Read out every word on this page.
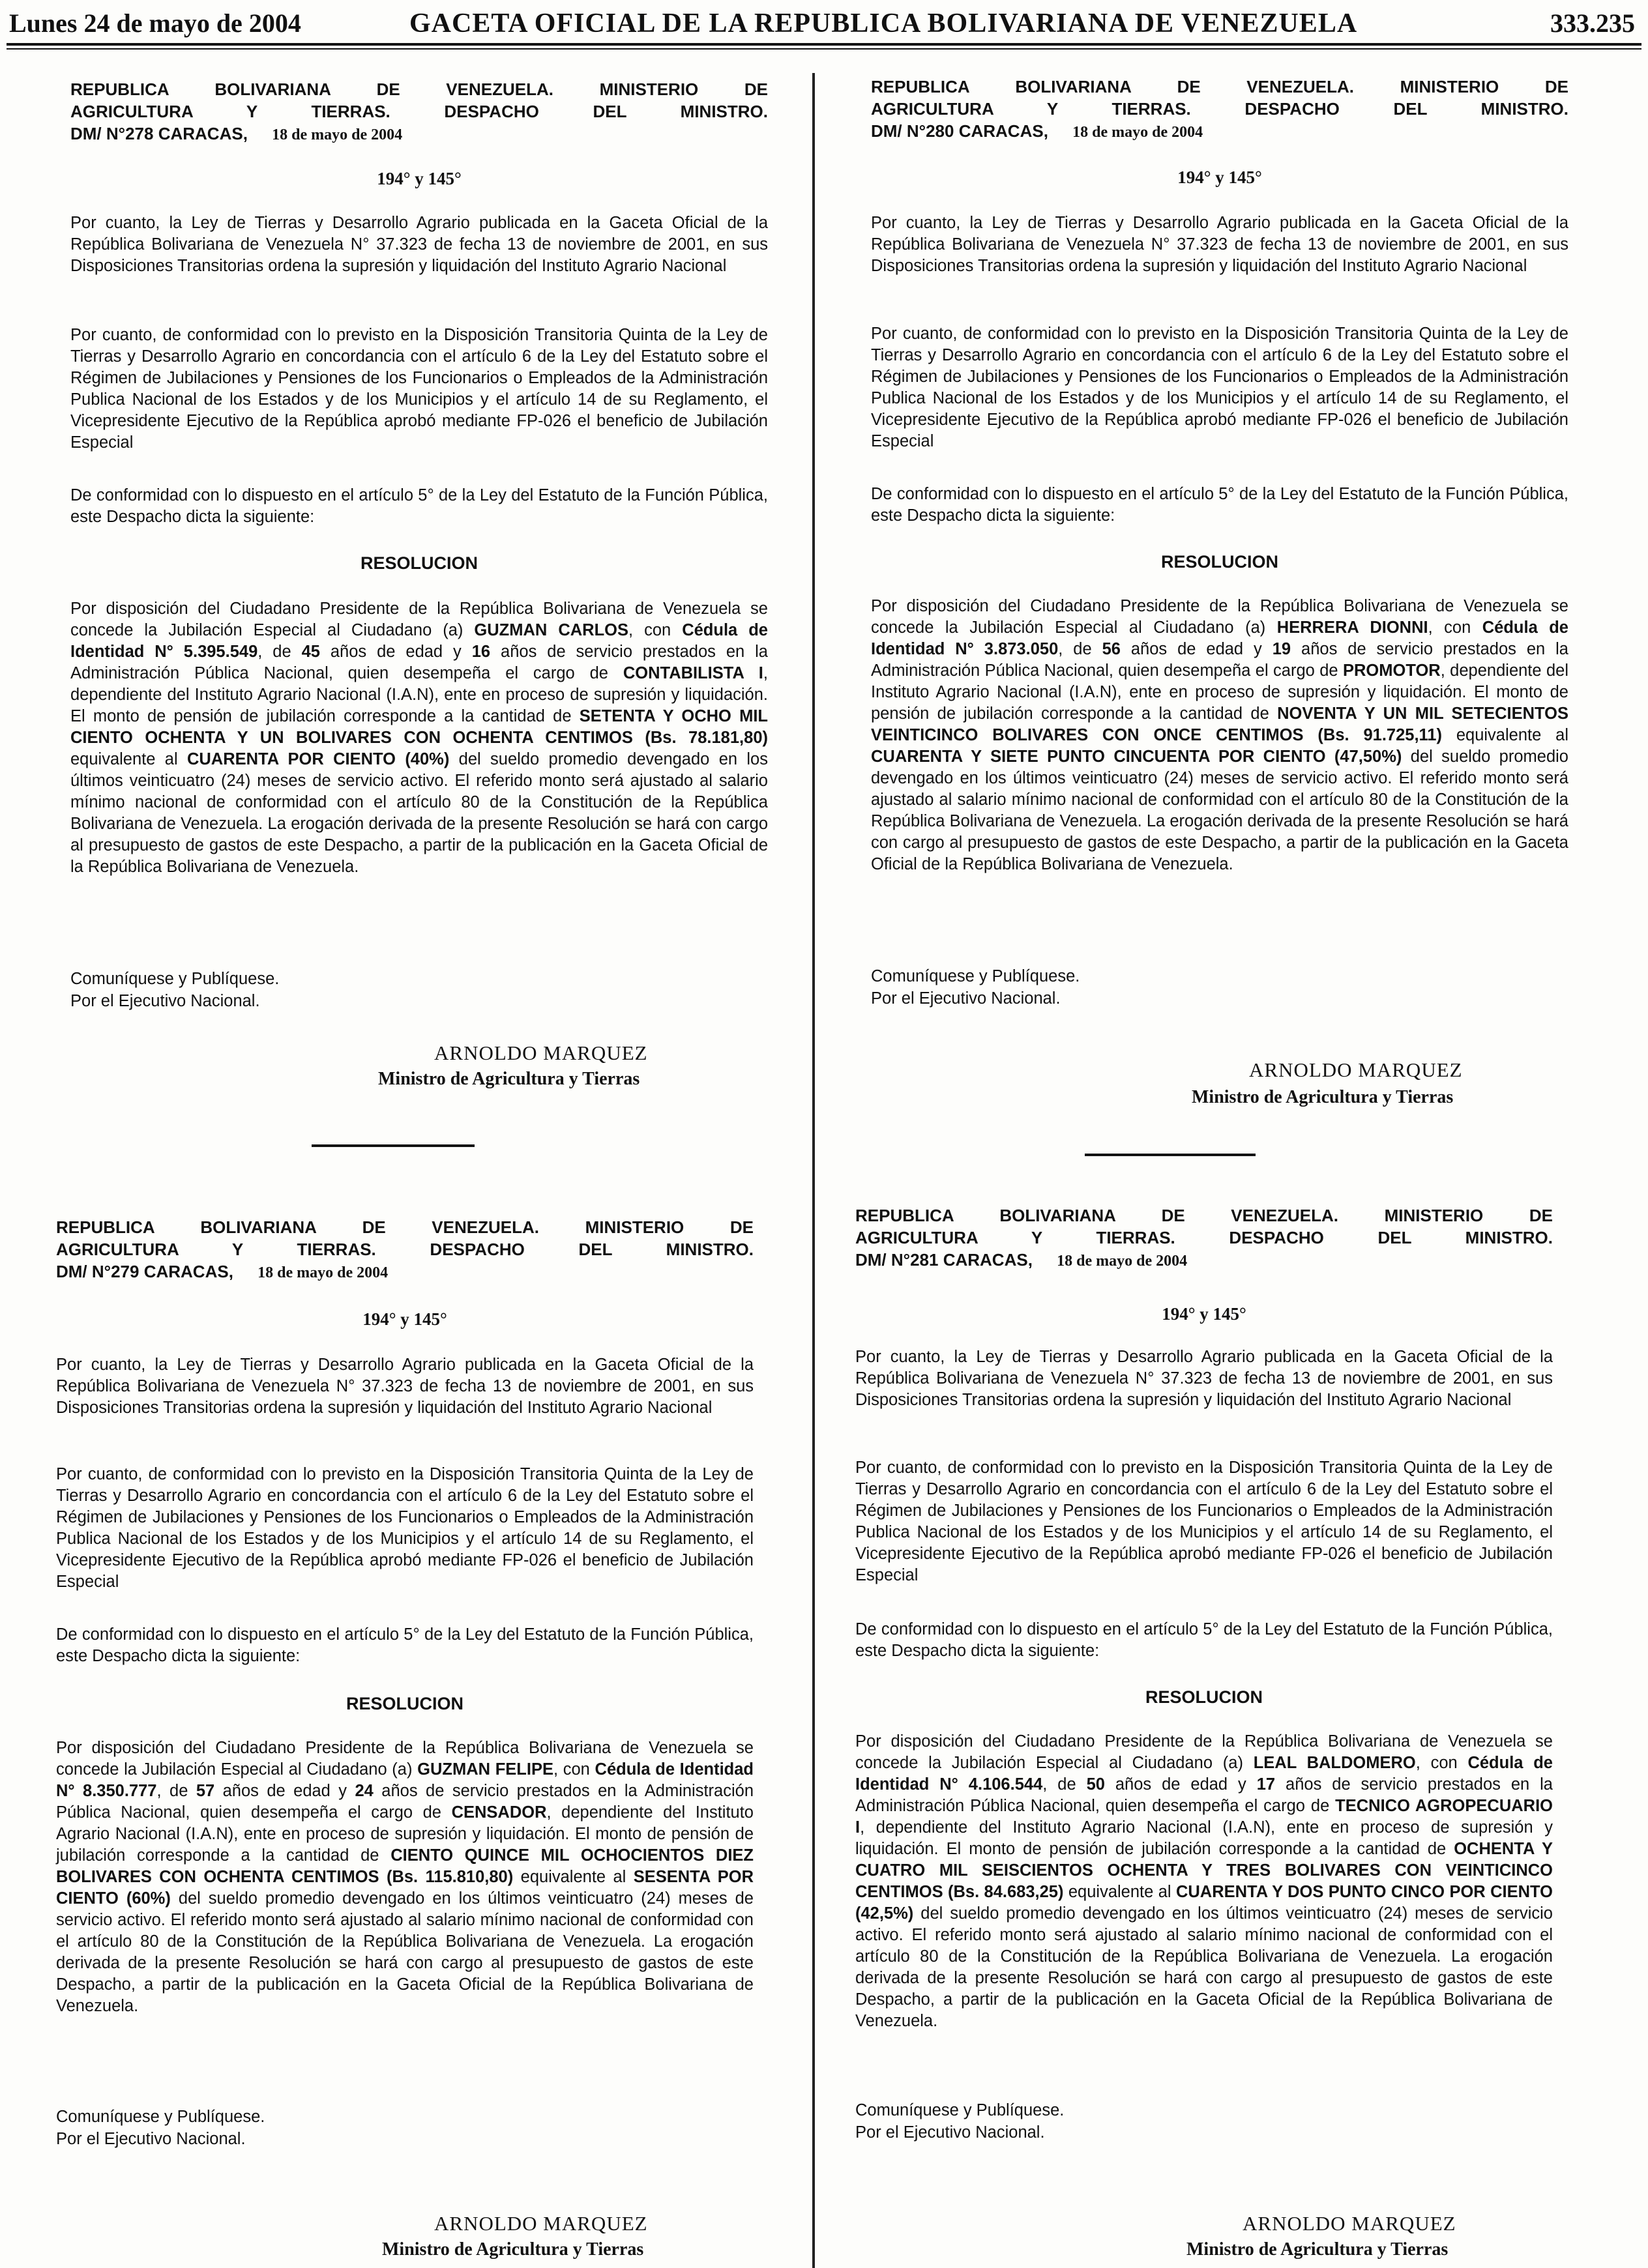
Lunes 24 de mayo de 2004	GACETA OFICIAL DE LA REPUBLICA BOLIVARIANA DE VENEZUELA	333.235
REPUBLICA BOLIVARIANA DE VENEZUELA. MINISTERIO DE
AGRICULTURA Y TIERRAS. DESPACHO DEL MINISTRO.
DM/ N°278 CARACAS, 18 de mayo de 2004
194° y 145°

Por cuanto, la Ley de Tierras y Desarrollo Agrario publicada en la Gaceta Oficial de la República Bolivariana de Venezuela N° 37.323 de fecha 13 de noviembre de 2001, en sus Disposiciones Transitorias ordena la supresión y liquidación del Instituto Agrario Nacional

Por cuanto, de conformidad con lo previsto en la Disposición Transitoria Quinta de la Ley de Tierras y Desarrollo Agrario en concordancia con el artículo 6 de la Ley del Estatuto sobre el Régimen de Jubilaciones y Pensiones de los Funcionarios o Empleados de la Administración Publica Nacional de los Estados y de los Municipios y el artículo 14 de su Reglamento, el Vicepresidente Ejecutivo de la República aprobó mediante FP-026 el beneficio de Jubilación Especial

De conformidad con lo dispuesto en el artículo 5° de la Ley del Estatuto de la Función Pública, este Despacho dicta la siguiente:

RESOLUCION

Por disposición del Ciudadano Presidente de la República Bolivariana de Venezuela se concede la Jubilación Especial al Ciudadano (a) GUZMAN CARLOS, con Cédula de Identidad N° 5.395.549, de 45 años de edad y 16 años de servicio prestados en la Administración Pública Nacional, quien desempeña el cargo de CONTABILISTA I, dependiente del Instituto Agrario Nacional (I.A.N), ente en proceso de supresión y liquidación. El monto de pensión de jubilación corresponde a la cantidad de SETENTA Y OCHO MIL CIENTO OCHENTA Y UN BOLIVARES CON OCHENTA CENTIMOS (Bs. 78.181,80) equivalente al CUARENTA POR CIENTO (40%) del sueldo promedio devengado en los últimos veinticuatro (24) meses de servicio activo. El referido monto será ajustado al salario mínimo nacional de conformidad con el artículo 80 de la Constitución de la República Bolivariana de Venezuela. La erogación derivada de la presente Resolución se hará con cargo al presupuesto de gastos de este Despacho, a partir de la publicación en la Gaceta Oficial de la República Bolivariana de Venezuela.

Comuníquese y Publíquese.
Por el Ejecutivo Nacional.
REPUBLICA BOLIVARIANA DE VENEZUELA. MINISTERIO DE
AGRICULTURA Y TIERRAS. DESPACHO DEL MINISTRO.
DM/ N°280 CARACAS, 18 de mayo de 2004
194° y 145°

Por cuanto, la Ley de Tierras y Desarrollo Agrario publicada en la Gaceta Oficial de la República Bolivariana de Venezuela N° 37.323 de fecha 13 de noviembre de 2001, en sus Disposiciones Transitorias ordena la supresión y liquidación del Instituto Agrario Nacional

Por cuanto, de conformidad con lo previsto en la Disposición Transitoria Quinta de la Ley de Tierras y Desarrollo Agrario en concordancia con el artículo 6 de la Ley del Estatuto sobre el Régimen de Jubilaciones y Pensiones de los Funcionarios o Empleados de la Administración Publica Nacional de los Estados y de los Municipios y el artículo 14 de su Reglamento, el Vicepresidente Ejecutivo de la República aprobó mediante FP-026 el beneficio de Jubilación Especial

De conformidad con lo dispuesto en el artículo 5° de la Ley del Estatuto de la Función Pública, este Despacho dicta la siguiente:

RESOLUCION

Por disposición del Ciudadano Presidente de la República Bolivariana de Venezuela se concede la Jubilación Especial al Ciudadano (a) HERRERA DIONNI, con Cédula de Identidad N° 3.873.050, de 56 años de edad y 19 años de servicio prestados en la Administración Pública Nacional, quien desempeña el cargo de PROMOTOR, dependiente del Instituto Agrario Nacional (I.A.N), ente en proceso de supresión y liquidación. El monto de pensión de jubilación corresponde a la cantidad de NOVENTA Y UN MIL SETECIENTOS VEINTICINCO BOLIVARES CON ONCE CENTIMOS (Bs. 91.725,11) equivalente al CUARENTA Y SIETE PUNTO CINCUENTA POR CIENTO (47,50%) del sueldo promedio devengado en los últimos veinticuatro (24) meses de servicio activo. El referido monto será ajustado al salario mínimo nacional de conformidad con el artículo 80 de la Constitución de la República Bolivariana de Venezuela. La erogación derivada de la presente Resolución se hará con cargo al presupuesto de gastos de este Despacho, a partir de la publicación en la Gaceta Oficial de la República Bolivariana de Venezuela.

Comuníquese y Publíquese.
Por el Ejecutivo Nacional.
REPUBLICA BOLIVARIANA DE VENEZUELA. MINISTERIO DE
AGRICULTURA Y TIERRAS. DESPACHO DEL MINISTRO.
DM/ N°279 CARACAS, 18 de mayo de 2004
194° y 145°

Por cuanto, la Ley de Tierras y Desarrollo Agrario publicada en la Gaceta Oficial de la República Bolivariana de Venezuela N° 37.323 de fecha 13 de noviembre de 2001, en sus Disposiciones Transitorias ordena la supresión y liquidación del Instituto Agrario Nacional

Por cuanto, de conformidad con lo previsto en la Disposición Transitoria Quinta de la Ley de Tierras y Desarrollo Agrario en concordancia con el artículo 6 de la Ley del Estatuto sobre el Régimen de Jubilaciones y Pensiones de los Funcionarios o Empleados de la Administración Publica Nacional de los Estados y de los Municipios y el artículo 14 de su Reglamento, el Vicepresidente Ejecutivo de la República aprobó mediante FP-026 el beneficio de Jubilación Especial

De conformidad con lo dispuesto en el artículo 5° de la Ley del Estatuto de la Función Pública, este Despacho dicta la siguiente:

RESOLUCION

Por disposición del Ciudadano Presidente de la República Bolivariana de Venezuela se concede la Jubilación Especial al Ciudadano (a) GUZMAN FELIPE, con Cédula de Identidad N° 8.350.777, de 57 años de edad y 24 años de servicio prestados en la Administración Pública Nacional, quien desempeña el cargo de CENSADOR, dependiente del Instituto Agrario Nacional (I.A.N), ente en proceso de supresión y liquidación. El monto de pensión de jubilación corresponde a la cantidad de CIENTO QUINCE MIL OCHOCIENTOS DIEZ BOLIVARES CON OCHENTA CENTIMOS (Bs. 115.810,80) equivalente al SESENTA POR CIENTO (60%) del sueldo promedio devengado en los últimos veinticuatro (24) meses de servicio activo. El referido monto será ajustado al salario mínimo nacional de conformidad con el artículo 80 de la Constitución de la República Bolivariana de Venezuela. La erogación derivada de la presente Resolución se hará con cargo al presupuesto de gastos de este Despacho, a partir de la publicación en la Gaceta Oficial de la República Bolivariana de Venezuela.

Comuníquese y Publíquese.
Por el Ejecutivo Nacional.
REPUBLICA BOLIVARIANA DE VENEZUELA. MINISTERIO DE
AGRICULTURA Y TIERRAS. DESPACHO DEL MINISTRO.
DM/ N°281 CARACAS, 18 de mayo de 2004
194° y 145°

Por cuanto, la Ley de Tierras y Desarrollo Agrario publicada en la Gaceta Oficial de la República Bolivariana de Venezuela N° 37.323 de fecha 13 de noviembre de 2001, en sus Disposiciones Transitorias ordena la supresión y liquidación del Instituto Agrario Nacional

Por cuanto, de conformidad con lo previsto en la Disposición Transitoria Quinta de la Ley de Tierras y Desarrollo Agrario en concordancia con el artículo 6 de la Ley del Estatuto sobre el Régimen de Jubilaciones y Pensiones de los Funcionarios o Empleados de la Administración Publica Nacional de los Estados y de los Municipios y el artículo 14 de su Reglamento, el Vicepresidente Ejecutivo de la República aprobó mediante FP-026 el beneficio de Jubilación Especial

De conformidad con lo dispuesto en el artículo 5° de la Ley del Estatuto de la Función Pública, este Despacho dicta la siguiente:

RESOLUCION

Por disposición del Ciudadano Presidente de la República Bolivariana de Venezuela se concede la Jubilación Especial al Ciudadano (a) LEAL BALDOMERO, con Cédula de Identidad N° 4.106.544, de 50 años de edad y 17 años de servicio prestados en la Administración Pública Nacional, quien desempeña el cargo de TECNICO AGROPECUARIO I, dependiente del Instituto Agrario Nacional (I.A.N), ente en proceso de supresión y liquidación. El monto de pensión de jubilación corresponde a la cantidad de OCHENTA Y CUATRO MIL SEISCIENTOS OCHENTA Y TRES BOLIVARES CON VEINTICINCO CENTIMOS (Bs. 84.683,25) equivalente al CUARENTA Y DOS PUNTO CINCO POR CIENTO (42,5%) del sueldo promedio devengado en los últimos veinticuatro (24) meses de servicio activo. El referido monto será ajustado al salario mínimo nacional de conformidad con el artículo 80 de la Constitución de la República Bolivariana de Venezuela. La erogación derivada de la presente Resolución se hará con cargo al presupuesto de gastos de este Despacho, a partir de la publicación en la Gaceta Oficial de la República Bolivariana de Venezuela.

Comuníquese y Publíquese.
Por el Ejecutivo Nacional.
ARNOLDO MARQUEZ
Ministro de Agricultura y Tierras	ARNOLDO MARQUEZ
Ministro de Agricultura y Tierras
ARNOLDO MARQUEZ
Ministro de Agricultura y Tierras
ARNOLDO MARQUEZ
Ministro de Agricultura y Tierras
